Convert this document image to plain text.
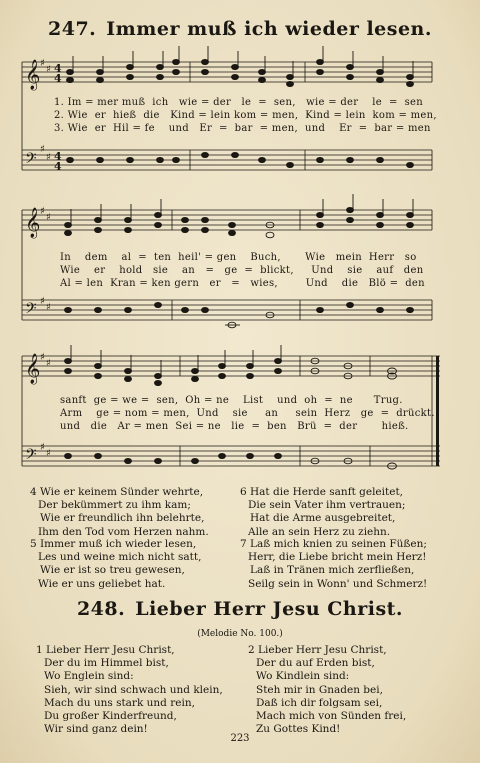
247. Immer muß ich wieder lesen.
𝄞
𝄞
𝄞
𝄢
𝄢
𝄢
♯
♯
♯
♯
♯
♯
♯
♯
♯
♯
♯
♯
4
4
4
4
1. Im = mer muß  ich   wie = der   le  =  sen,   wie = der    le  =  sen
2. Wie  er  hieß  die   Kind = lein kom = men,  Kind = lein  kom = men,
3. Wie  er  Hil = fe    und   Er  =  bar  = men,  und    Er  =  bar = men
In    dem    al  =  ten  heil' = gen    Buch,       Wie   mein  Herr   so
Wie    er    hold   sie    an   =   ge  =  blickt,     Und    sie    auf   den
Al = len  Kran = ken gern   er   =   wies,        Und    die   Blö =  den
sanft  ge = we =  sen,  Oh = ne    List    und  oh  =  ne      Trug.
Arm    ge = nom = men,  Und    sie     an     sein  Herz   ge  =  drückt.
und   die   Ar = men  Sei = ne   lie  =  ben   Brü  =  der       hieß.
4 Wie er keinem Sünder wehrte,
Der bekümmert zu ihm kam;
Wie er freundlich ihn belehrte,
Ihm den Tod vom Herzen nahm.
5 Immer muß ich wieder lesen,
Les und weine mich nicht satt,
Wie er ist so treu gewesen,
Wie er uns geliebet hat.
6 Hat die Herde sanft geleitet,
Die sein Vater ihm vertrauen;
Hat die Arme ausgebreitet,
Alle an sein Herz zu ziehn.
7 Laß mich knien zu seinen Füßen;
Herr, die Liebe bricht mein Herz!
Laß in Tränen mich zerfließen,
Seilg sein in Wonn' und Schmerz!
248. Lieber Herr Jesu Christ.
(Melodie No. 100.)
1 Lieber Herr Jesu Christ,
Der du im Himmel bist,
Wo Englein sind:
Sieh, wir sind schwach und klein,
Mach du uns stark und rein,
Du großer Kinderfreund,
Wir sind ganz dein!
2 Lieber Herr Jesu Christ,
Der du auf Erden bist,
Wo Kindlein sind:
Steh mir in Gnaden bei,
Daß ich dir folgsam sei,
Mach mich von Sünden frei,
Zu Gottes Kind!
223
